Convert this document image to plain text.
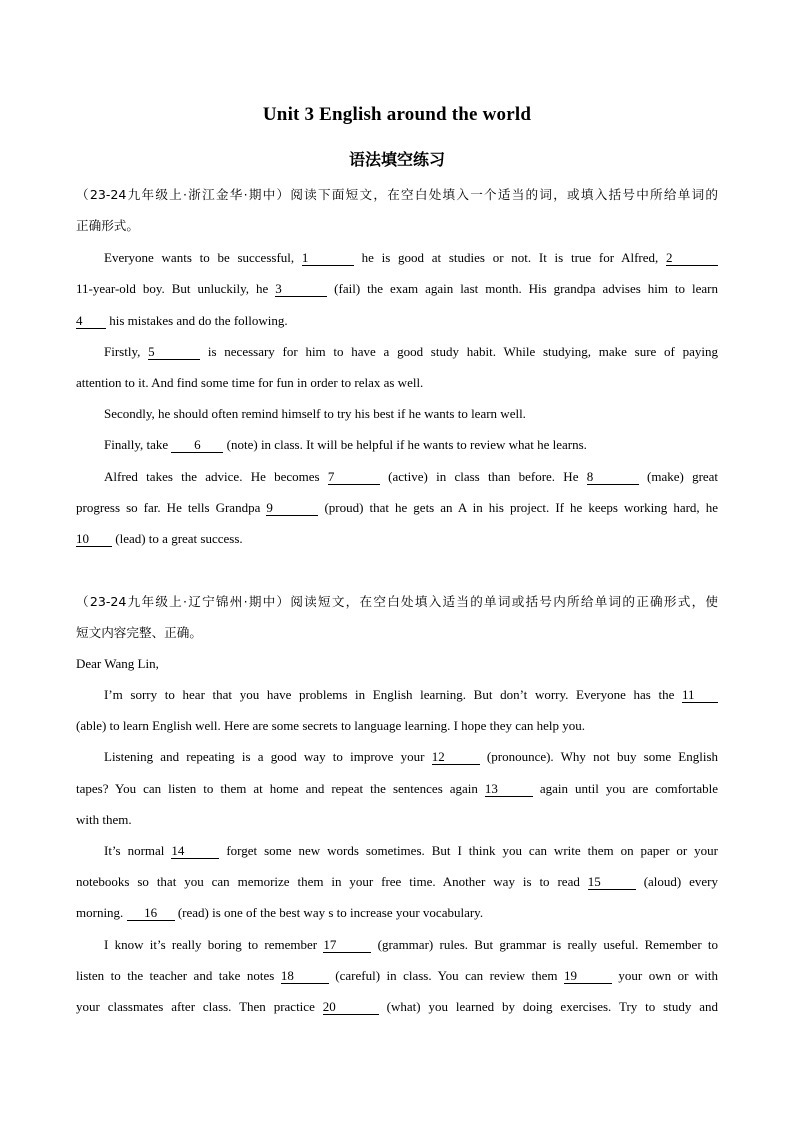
Unit 3 English around the world
语法填空练习
（23-24九年级上·浙江金华·期中）阅读下面短文，在空白处填入一个适当的词，或填入括号中所给单词的
正确形式。
Everyone wants to be successful, 1	he is good at studies or not. It is true for Alfred, 2
11-year-old boy. But unluckily, he 3	(fail) the exam again last month. His grandpa advises him to learn
4 his mistakes and do the following.
Firstly, 5	is necessary for him to have a good study habit. While studying, make sure of paying
attention to it. And find some time for fun in order to relax as well.
Secondly, he should often remind himself to try his best if he wants to learn well.
Finally, take 6 (note) in class. It will be helpful if he wants to review what he learns.
Alfred takes the advice. He becomes 7	(active) in class than before. He 8	(make) great
progress so far. He tells Grandpa 9	(proud) that he gets an A in his project. If he keeps working hard, he
10 (lead) to a great success.
（23-24九年级上·辽宁锦州·期中）阅读短文，在空白处填入适当的单词或括号内所给单词的正确形式，使
短文内容完整、正确。
Dear Wang Lin,
I’m sorry to hear that you have problems in English learning. But don’t worry. Everyone has the 11
(able) to learn English well. Here are some secrets to language learning. I hope they can help you.
Listening and repeating is a good way to improve your 12	(pronounce). Why not buy some English
tapes? You can listen to them at home and repeat the sentences again 13	again until you are comfortable
with them.
It’s normal 14	forget some new words sometimes. But I think you can write them on paper or your
notebooks so that you can memorize them in your free time. Another way is to read 15	(aloud) every
morning. 16 (read) is one of the best way s to increase your vocabulary.
I know it’s really boring to remember 17	(grammar) rules. But grammar is really useful. Remember to
listen to the teacher and take notes 18	(careful) in class. You can review them 19	your own or with
your classmates after class. Then practice 20	(what) you learned by doing exercises. Try to study and
